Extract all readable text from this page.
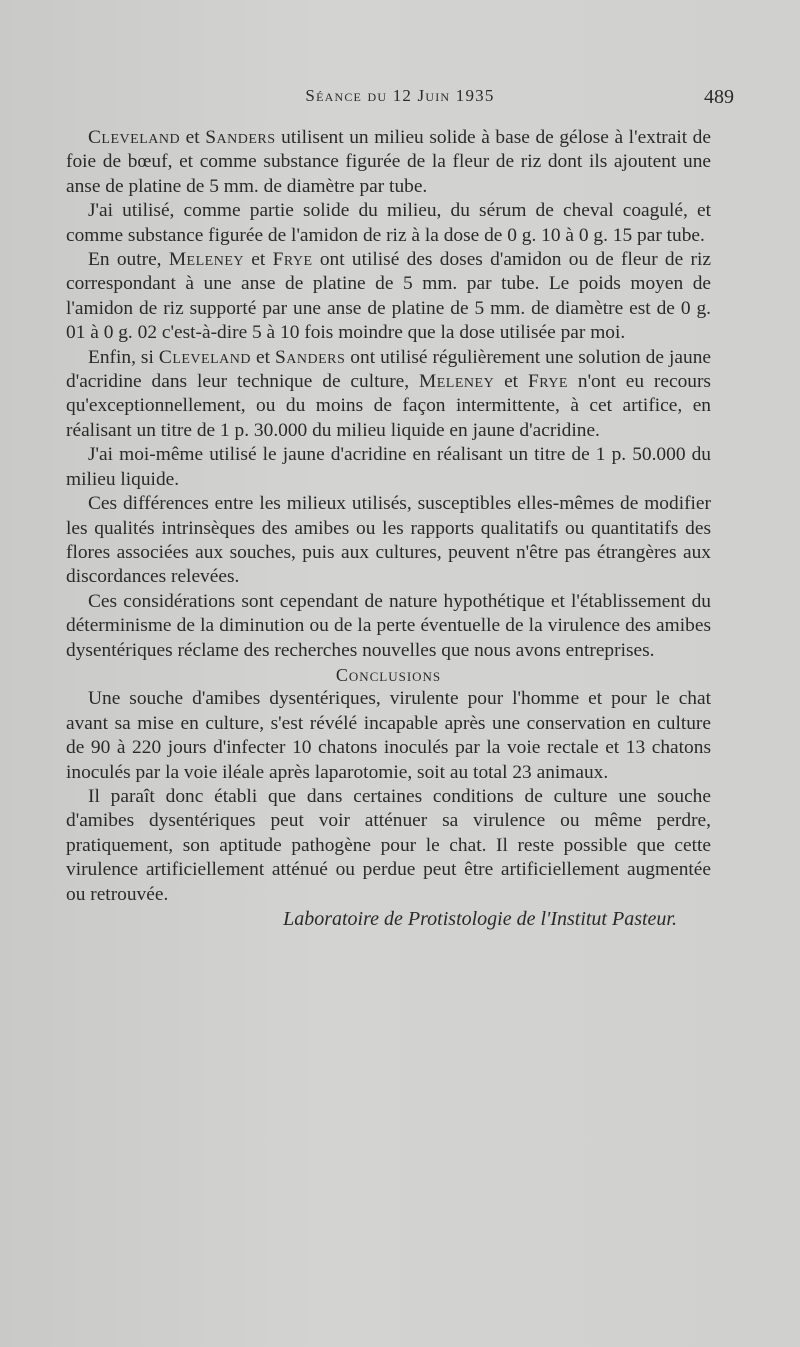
Séance du 12 Juin 1935	489

Cleveland et Sanders utilisent un milieu solide à base de gélose à l'extrait de foie de bœuf, et comme substance figurée de la fleur de riz dont ils ajoutent une anse de platine de 5 mm. de diamètre par tube.

J'ai utilisé, comme partie solide du milieu, du sérum de cheval coagulé, et comme substance figurée de l'amidon de riz à la dose de 0 g. 10 à 0 g. 15 par tube.

En outre, Meleney et Frye ont utilisé des doses d'amidon ou de fleur de riz correspondant à une anse de platine de 5 mm. par tube. Le poids moyen de l'amidon de riz supporté par une anse de platine de 5 mm. de diamètre est de 0 g. 01 à 0 g. 02 c'est-à-dire 5 à 10 fois moindre que la dose utilisée par moi.

Enfin, si Cleveland et Sanders ont utilisé régulièrement une solution de jaune d'acridine dans leur technique de culture, Meleney et Frye n'ont eu recours qu'exceptionnellement, ou du moins de façon intermittente, à cet artifice, en réalisant un titre de 1 p. 30.000 du milieu liquide en jaune d'acridine.

J'ai moi-même utilisé le jaune d'acridine en réalisant un titre de 1 p. 50.000 du milieu liquide.

Ces différences entre les milieux utilisés, susceptibles elles-mêmes de modifier les qualités intrinsèques des amibes ou les rapports qualitatifs ou quantitatifs des flores associées aux souches, puis aux cultures, peuvent n'être pas étrangères aux discordances relevées.

Ces considérations sont cependant de nature hypothétique et l'établissement du déterminisme de la diminution ou de la perte éventuelle de la virulence des amibes dysentériques réclame des recherches nouvelles que nous avons entreprises.

Conclusions

Une souche d'amibes dysentériques, virulente pour l'homme et pour le chat avant sa mise en culture, s'est révélé incapable après une conservation en culture de 90 à 220 jours d'infecter 10 chatons inoculés par la voie rectale et 13 chatons inoculés par la voie iléale après laparotomie, soit au total 23 animaux.

Il paraît donc établi que dans certaines conditions de culture une souche d'amibes dysentériques peut voir atténuer sa virulence ou même perdre, pratiquement, son aptitude pathogène pour le chat. Il reste possible que cette virulence artificiellement atténué ou perdue peut être artificiellement augmentée ou retrouvée.

Laboratoire de Protistologie de l'Institut Pasteur.
